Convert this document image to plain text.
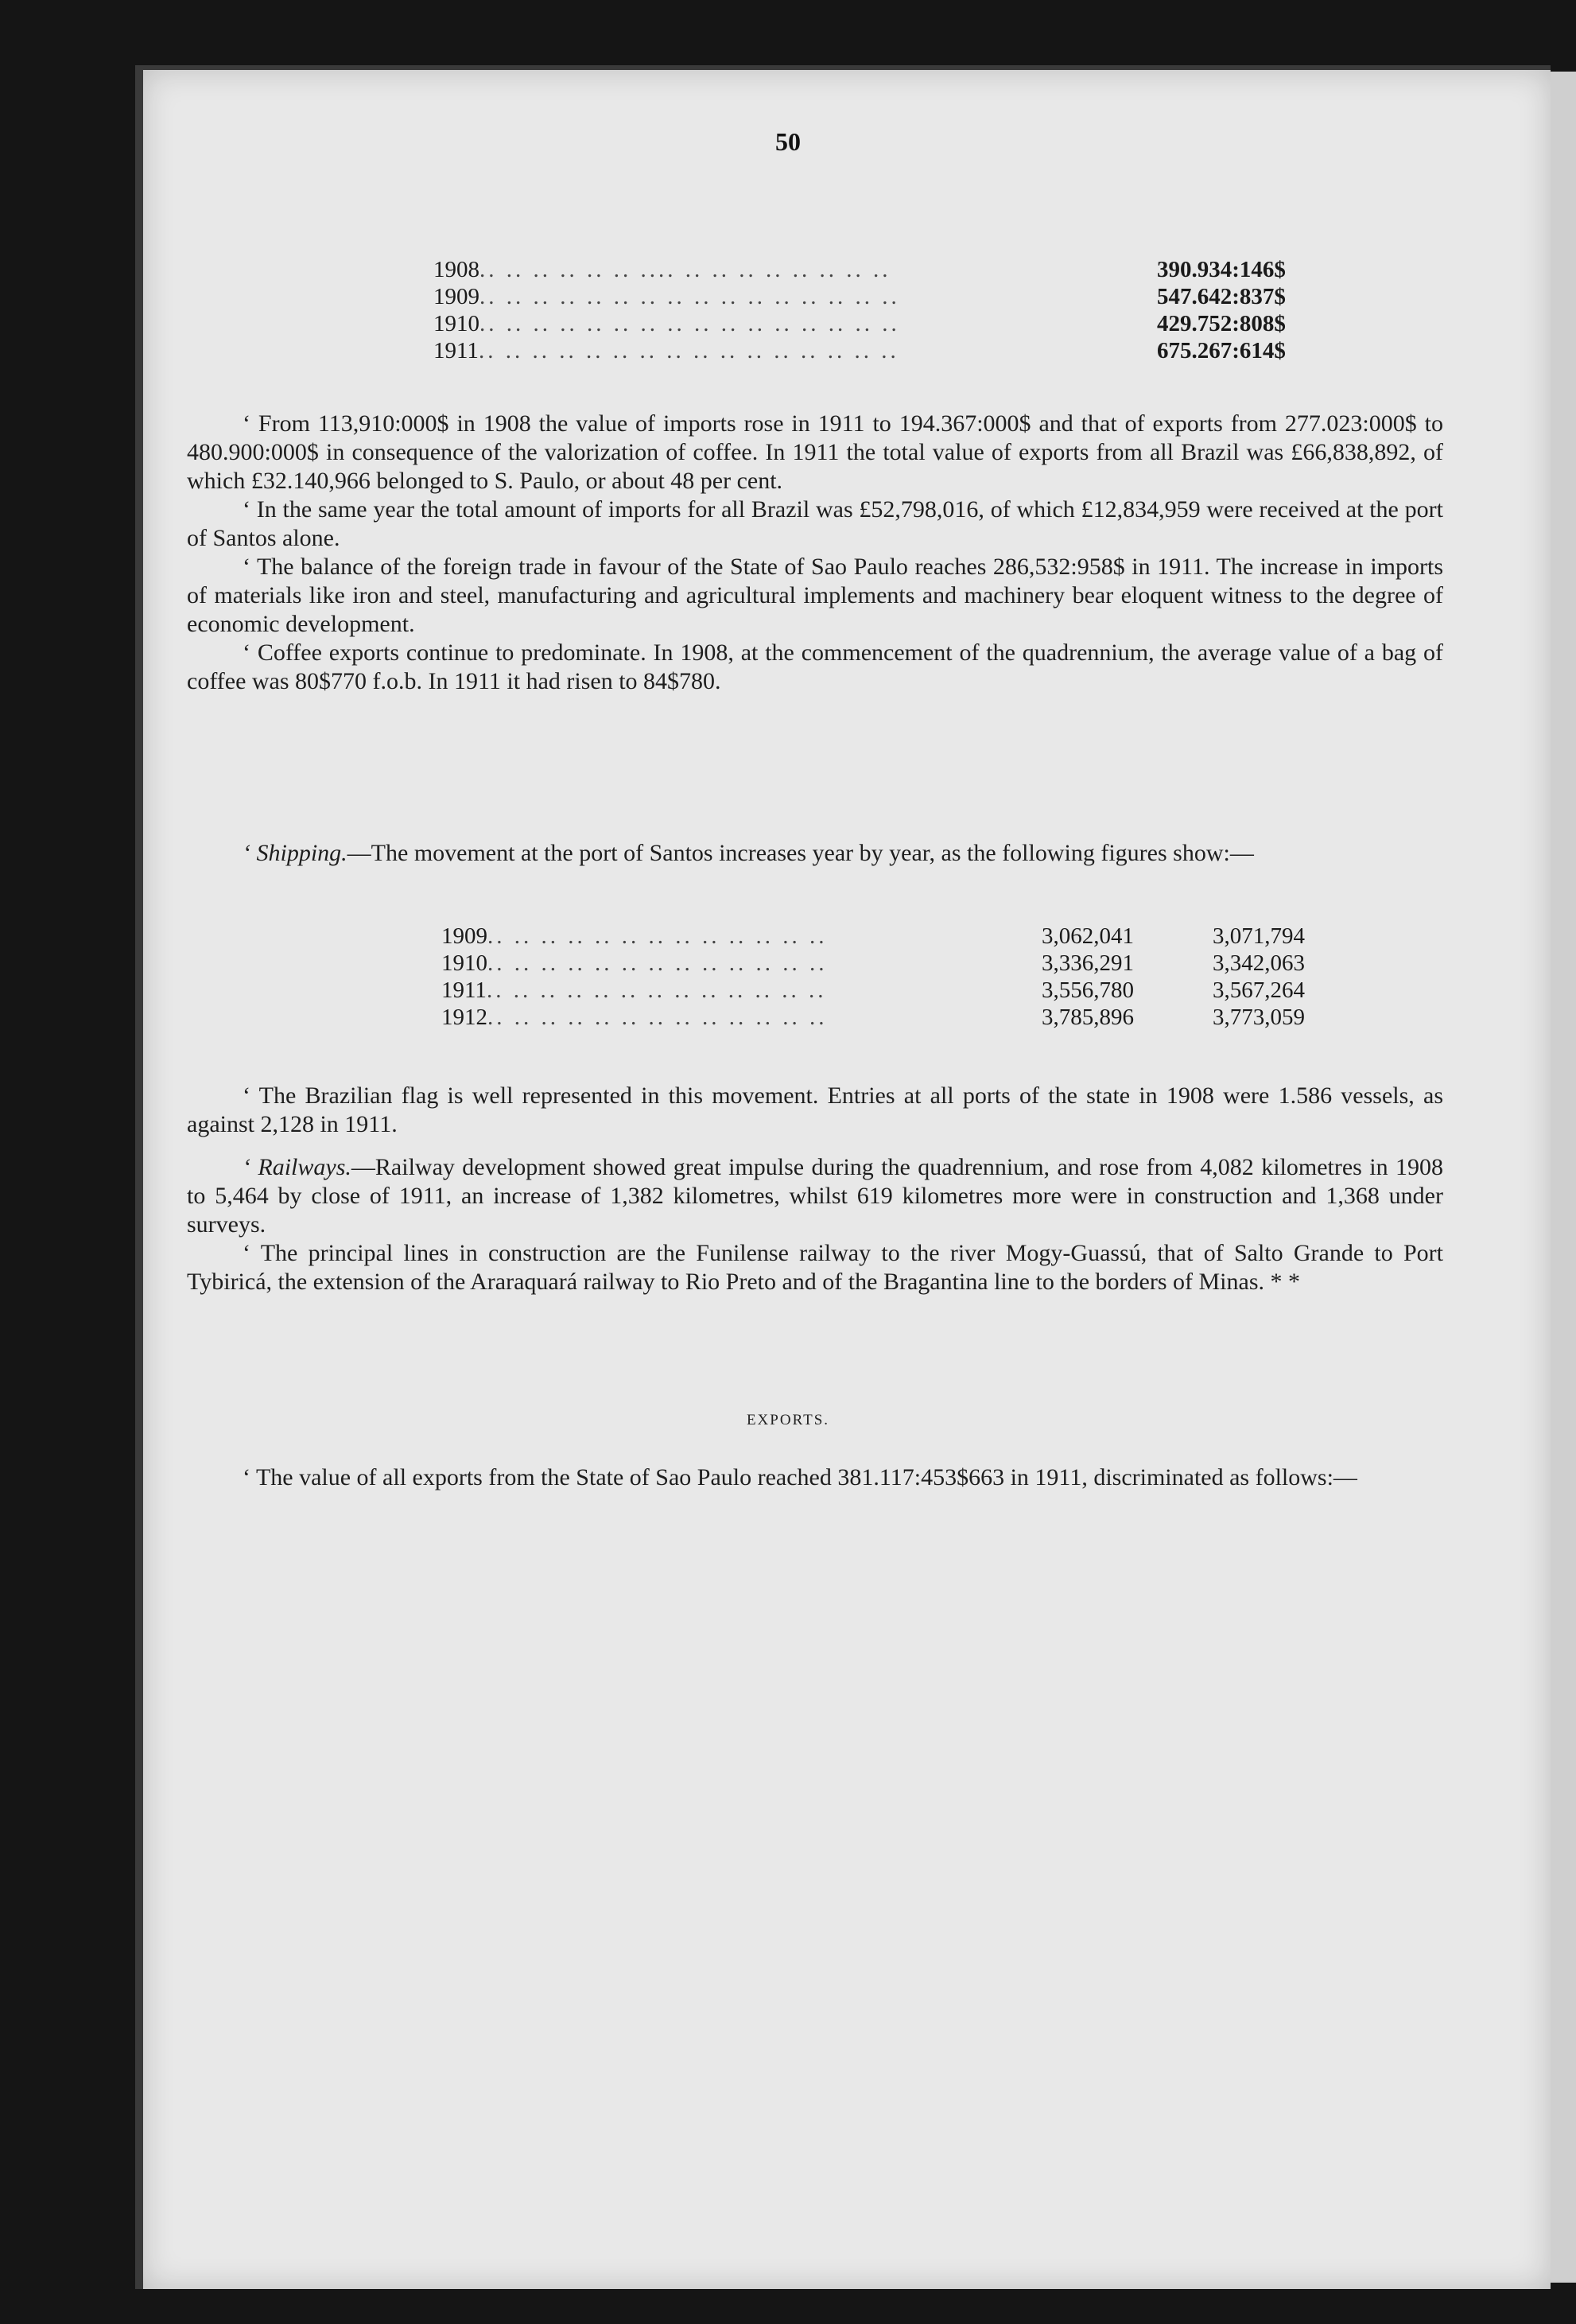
50
1908.. .. .. .. .. .. .... .. .. .. .. .. .. .. ..	390.934:146$
1909.. .. .. .. .. .. .. .. .. .. .. .. .. .. .. ..	547.642:837$
1910.. .. .. .. .. .. .. .. .. .. .. .. .. .. .. ..	429.752:808$
1911.. .. .. .. .. .. .. .. .. .. .. .. .. .. .. ..	675.267:614$

‘ From 113,910:000$ in 1908 the value of imports rose in 1911 to 194.367:000$ and that of exports from 277.023:000$ to 480.900:000$ in consequence of the valorization of coffee. In 1911 the total value of exports from all Brazil was £66,838,892, of which £32.140,966 belonged to S. Paulo, or about 48 per cent.

‘ In the same year the total amount of imports for all Brazil was £52,798,016, of which £12,834,959 were received at the port of Santos alone.

‘ The balance of the foreign trade in favour of the State of Sao Paulo reaches 286,532:958$ in 1911. The increase in imports of materials like iron and steel, manufacturing and agricultural implements and machinery bear eloquent witness to the degree of economic development.

‘ Coffee exports continue to predominate. In 1908, at the commencement of the quadrennium, the average value of a bag of coffee was 80$770 f.o.b. In 1911 it had risen to 84$780.

‘ Shipping.—The movement at the port of Santos increases year by year, as the following figures show:—

1909.. .. .. .. .. .. .. .. .. .. .. .. ..	3,062,041	3,071,794
1910.. .. .. .. .. .. .. .. .. .. .. .. ..	3,336,291	3,342,063
1911.. .. .. .. .. .. .. .. .. .. .. .. ..	3,556,780	3,567,264
1912.. .. .. .. .. .. .. .. .. .. .. .. ..	3,785,896	3,773,059

‘ The Brazilian flag is well represented in this movement. Entries at all ports of the state in 1908 were 1.586 vessels, as against 2,128 in 1911.

‘ Railways.—Railway development showed great impulse during the quadrennium, and rose from 4,082 kilometres in 1908 to 5,464 by close of 1911, an increase of 1,382 kilometres, whilst 619 kilometres more were in construction and 1,368 under surveys.

‘ The principal lines in construction are the Funilense railway to the river Mogy-Guassú, that of Salto Grande to Port Tybiricá, the extension of the Araraquará railway to Rio Preto and of the Bragantina line to the borders of Minas. * *

EXPORTS.

‘ The value of all exports from the State of Sao Paulo reached 381.117:453$663 in 1911, discriminated as follows:—
